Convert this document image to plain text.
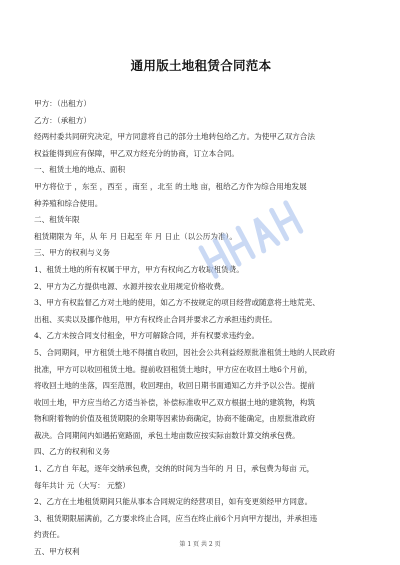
通用版土地租赁合同范本
甲方：（出租方）
乙方：（承租方）
经两村委共同研究决定，甲方同意将自己的部分土地转包给乙方。为使甲乙双方合法
权益能得到应有保障，甲乙双方经充分的协商，订立本合同。
一、租赁土地的地点、面积
甲方将位于 ，东至 ，西至 ，南至 ，北至 的土地 亩，租给乙方作为综合用地发展
种养殖和综合使用。
二、租赁年限
租赁期限为 年，从 年 月 日起至 年 月 日止（以公历为准）。
三、甲方的权利与义务
1、租赁土地的所有权属于甲方，甲方有权向乙方收取租赁费。
2、甲方为乙方提供电源、水源并按农业用规定价格收费。
3、甲方有权监督乙方对土地的使用，如乙方不按规定的项目经营或随意将土地荒芜、
出租、买卖以及挪作他用，甲方有权终止合同并要求乙方承担违约责任。
4、乙方未按合同支付租金，甲方可解除合同，并有权要求违约金。
5、合同期间，甲方租赁土地不得擅自收回，因社会公共利益经原批准租赁土地的人民政府
批准，甲方可以收回租赁土地。提前收回租赁土地时，甲方应在收回土地6个月前，
将收回土地的坐落，四至范围，收回理由，收回日期书面通知乙方并予以公告。提前
收回土地，甲方应当给乙方适当补偿，补偿标准收甲乙双方根据土地的建筑物，构筑
物和附着物的价值及租赁期限的余期等因素协商确定，协商不能确定，由原批准政府
裁决。合同期间内如遇拓宽路面，承包土地亩数应按实际亩数计算交纳承包费。
四、乙方的权利和义务
1、乙方自 年起，逐年交纳承包费，交纳的时间为当年的 月 日，承包费为每亩 元，
每年共计 元（大写： 元整）
2、乙方在土地租赁期间只能从事本合同规定的经营项目，如有变更须经甲方同意。
3、租赁期限届满前，乙方要求终止合同，应当在终止前6个月向甲方提出，并承担违
约责任。
五、甲方权利
第 1 页 共 2 页
